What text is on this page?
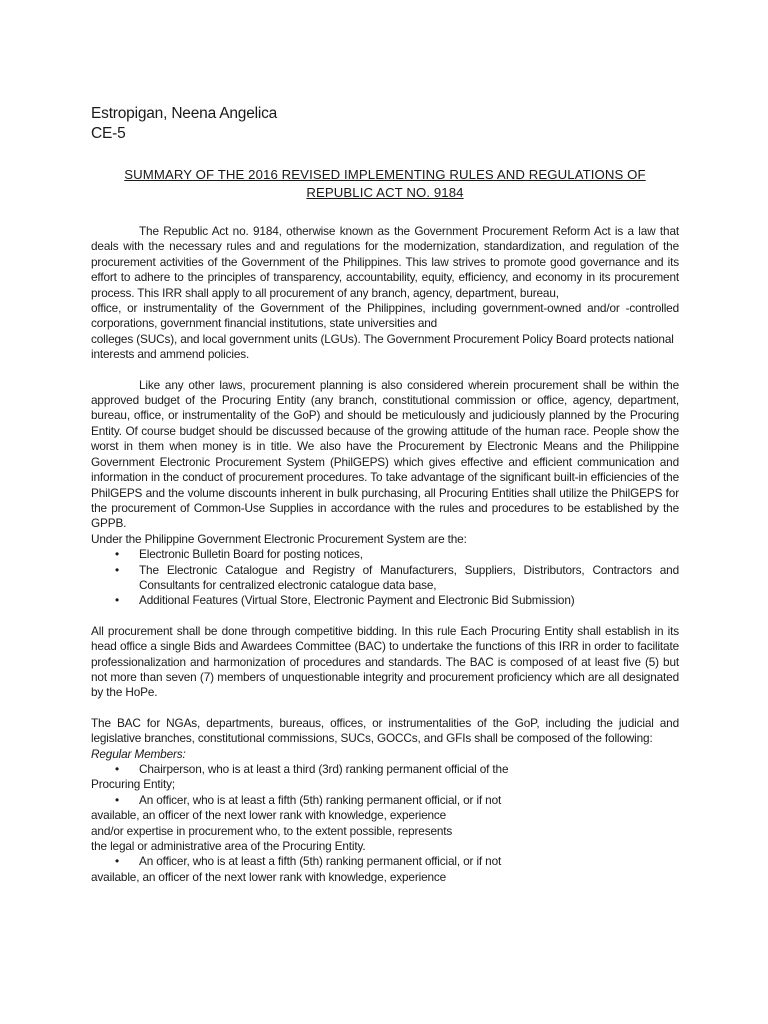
Estropigan, Neena Angelica
CE-5
SUMMARY OF THE 2016 REVISED IMPLEMENTING RULES AND REGULATIONS OF
REPUBLIC ACT NO. 9184

The Republic Act no. 9184, otherwise known as the Government Procurement Reform Act is a law that deals with the necessary rules and and regulations for the modernization, standardization, and regulation of the procurement activities of the Government of the Philippines. This law strives to promote good governance and its effort to adhere to the principles of transparency, accountability, equity, efficiency, and economy in its procurement process. This IRR shall apply to all procurement of any branch, agency, department, bureau,

office, or instrumentality of the Government of the Philippines, including government-owned and/or -controlled corporations, government financial institutions, state universities and

colleges (SUCs), and local government units (LGUs). The Government Procurement Policy Board protects national interests and ammend policies.

Like any other laws, procurement planning is also considered wherein procurement shall be within the approved budget of the Procuring Entity (any branch, constitutional commission or office, agency, department, bureau, office, or instrumentality of the GoP) and should be meticulously and judiciously planned by the Procuring Entity. Of course budget should be discussed because of the growing attitude of the human race. People show the worst in them when money is in title. We also have the Procurement by Electronic Means and the Philippine Government Electronic Procurement System (PhilGEPS) which gives effective and efficient communication and information in the conduct of procurement procedures. To take advantage of the significant built-in efficiencies of the PhilGEPS and the volume discounts inherent in bulk purchasing, all Procuring Entities shall utilize the PhilGEPS for the procurement of Common-Use Supplies in accordance with the rules and procedures to be established by the GPPB.

Under the Philippine Government Electronic Procurement System are the:

• Electronic Bulletin Board for posting notices,
• The Electronic Catalogue and Registry of Manufacturers, Suppliers, Distributors, Contractors and Consultants for centralized electronic catalogue data base,
• Additional Features (Virtual Store, Electronic Payment and Electronic Bid Submission)

All procurement shall be done through competitive bidding. In this rule Each Procuring Entity shall establish in its head office a single Bids and Awardees Committee (BAC) to undertake the functions of this IRR in order to facilitate professionalization and harmonization of procedures and standards. The BAC is composed of at least five (5) but not more than seven (7) members of unquestionable integrity and procurement proficiency which are all designated by the HoPe.

The BAC for NGAs, departments, bureaus, offices, or instrumentalities of the GoP, including the judicial and legislative branches, constitutional commissions, SUCs, GOCCs, and GFIs shall be composed of the following:

Regular Members:

• Chairperson, who is at least a third (3rd) ranking permanent official of the
Procuring Entity;
• An officer, who is at least a fifth (5th) ranking permanent official, or if not
available, an officer of the next lower rank with knowledge, experience
and/or expertise in procurement who, to the extent possible, represents
the legal or administrative area of the Procuring Entity.
• An officer, who is at least a fifth (5th) ranking permanent official, or if not
available, an officer of the next lower rank with knowledge, experience
